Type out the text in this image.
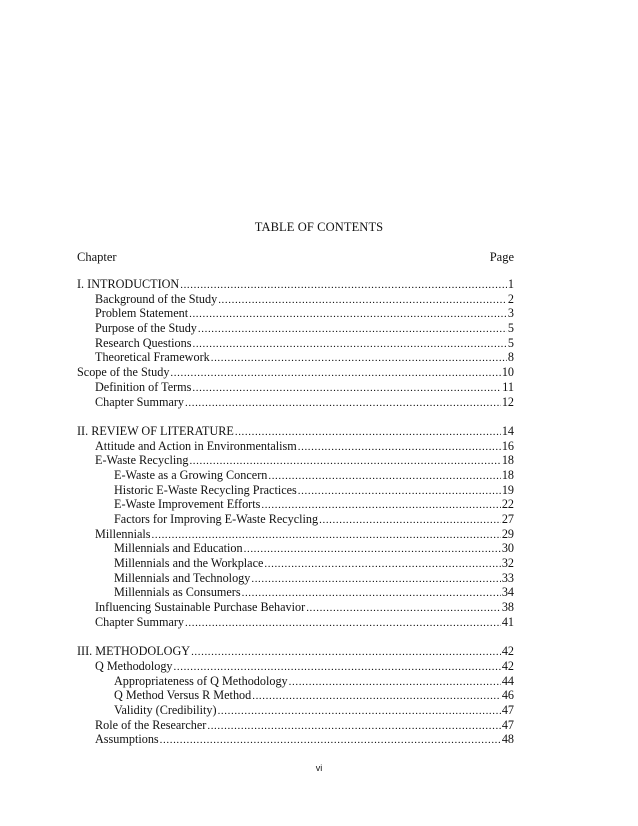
TABLE OF CONTENTS
Chapter	Page
I. INTRODUCTION .....	1
Background of the Study .....	2
Problem Statement .....	3
Purpose of the Study .....	5
Research Questions .....	5
Theoretical Framework .....	8
Scope of the Study .....	10
Definition of Terms .....	11
Chapter Summary .....	12
II. REVIEW OF LITERATURE .....	14
Attitude and Action in Environmentalism .....	16
E-Waste Recycling .....	18
E-Waste as a Growing Concern .....	18
Historic E-Waste Recycling Practices .....	19
E-Waste Improvement Efforts .....	22
Factors for Improving E-Waste Recycling .....	27
Millennials .....	29
Millennials and Education .....	30
Millennials and the Workplace .....	32
Millennials and Technology .....	33
Millennials as Consumers .....	34
Influencing Sustainable Purchase Behavior .....	38
Chapter Summary .....	41
III. METHODOLOGY .....	42
Q Methodology .....	42
Appropriateness of Q Methodology .....	44
Q Method Versus R Method .....	46
Validity (Credibility) .....	47
Role of the Researcher .....	47
Assumptions .....	48
vi
